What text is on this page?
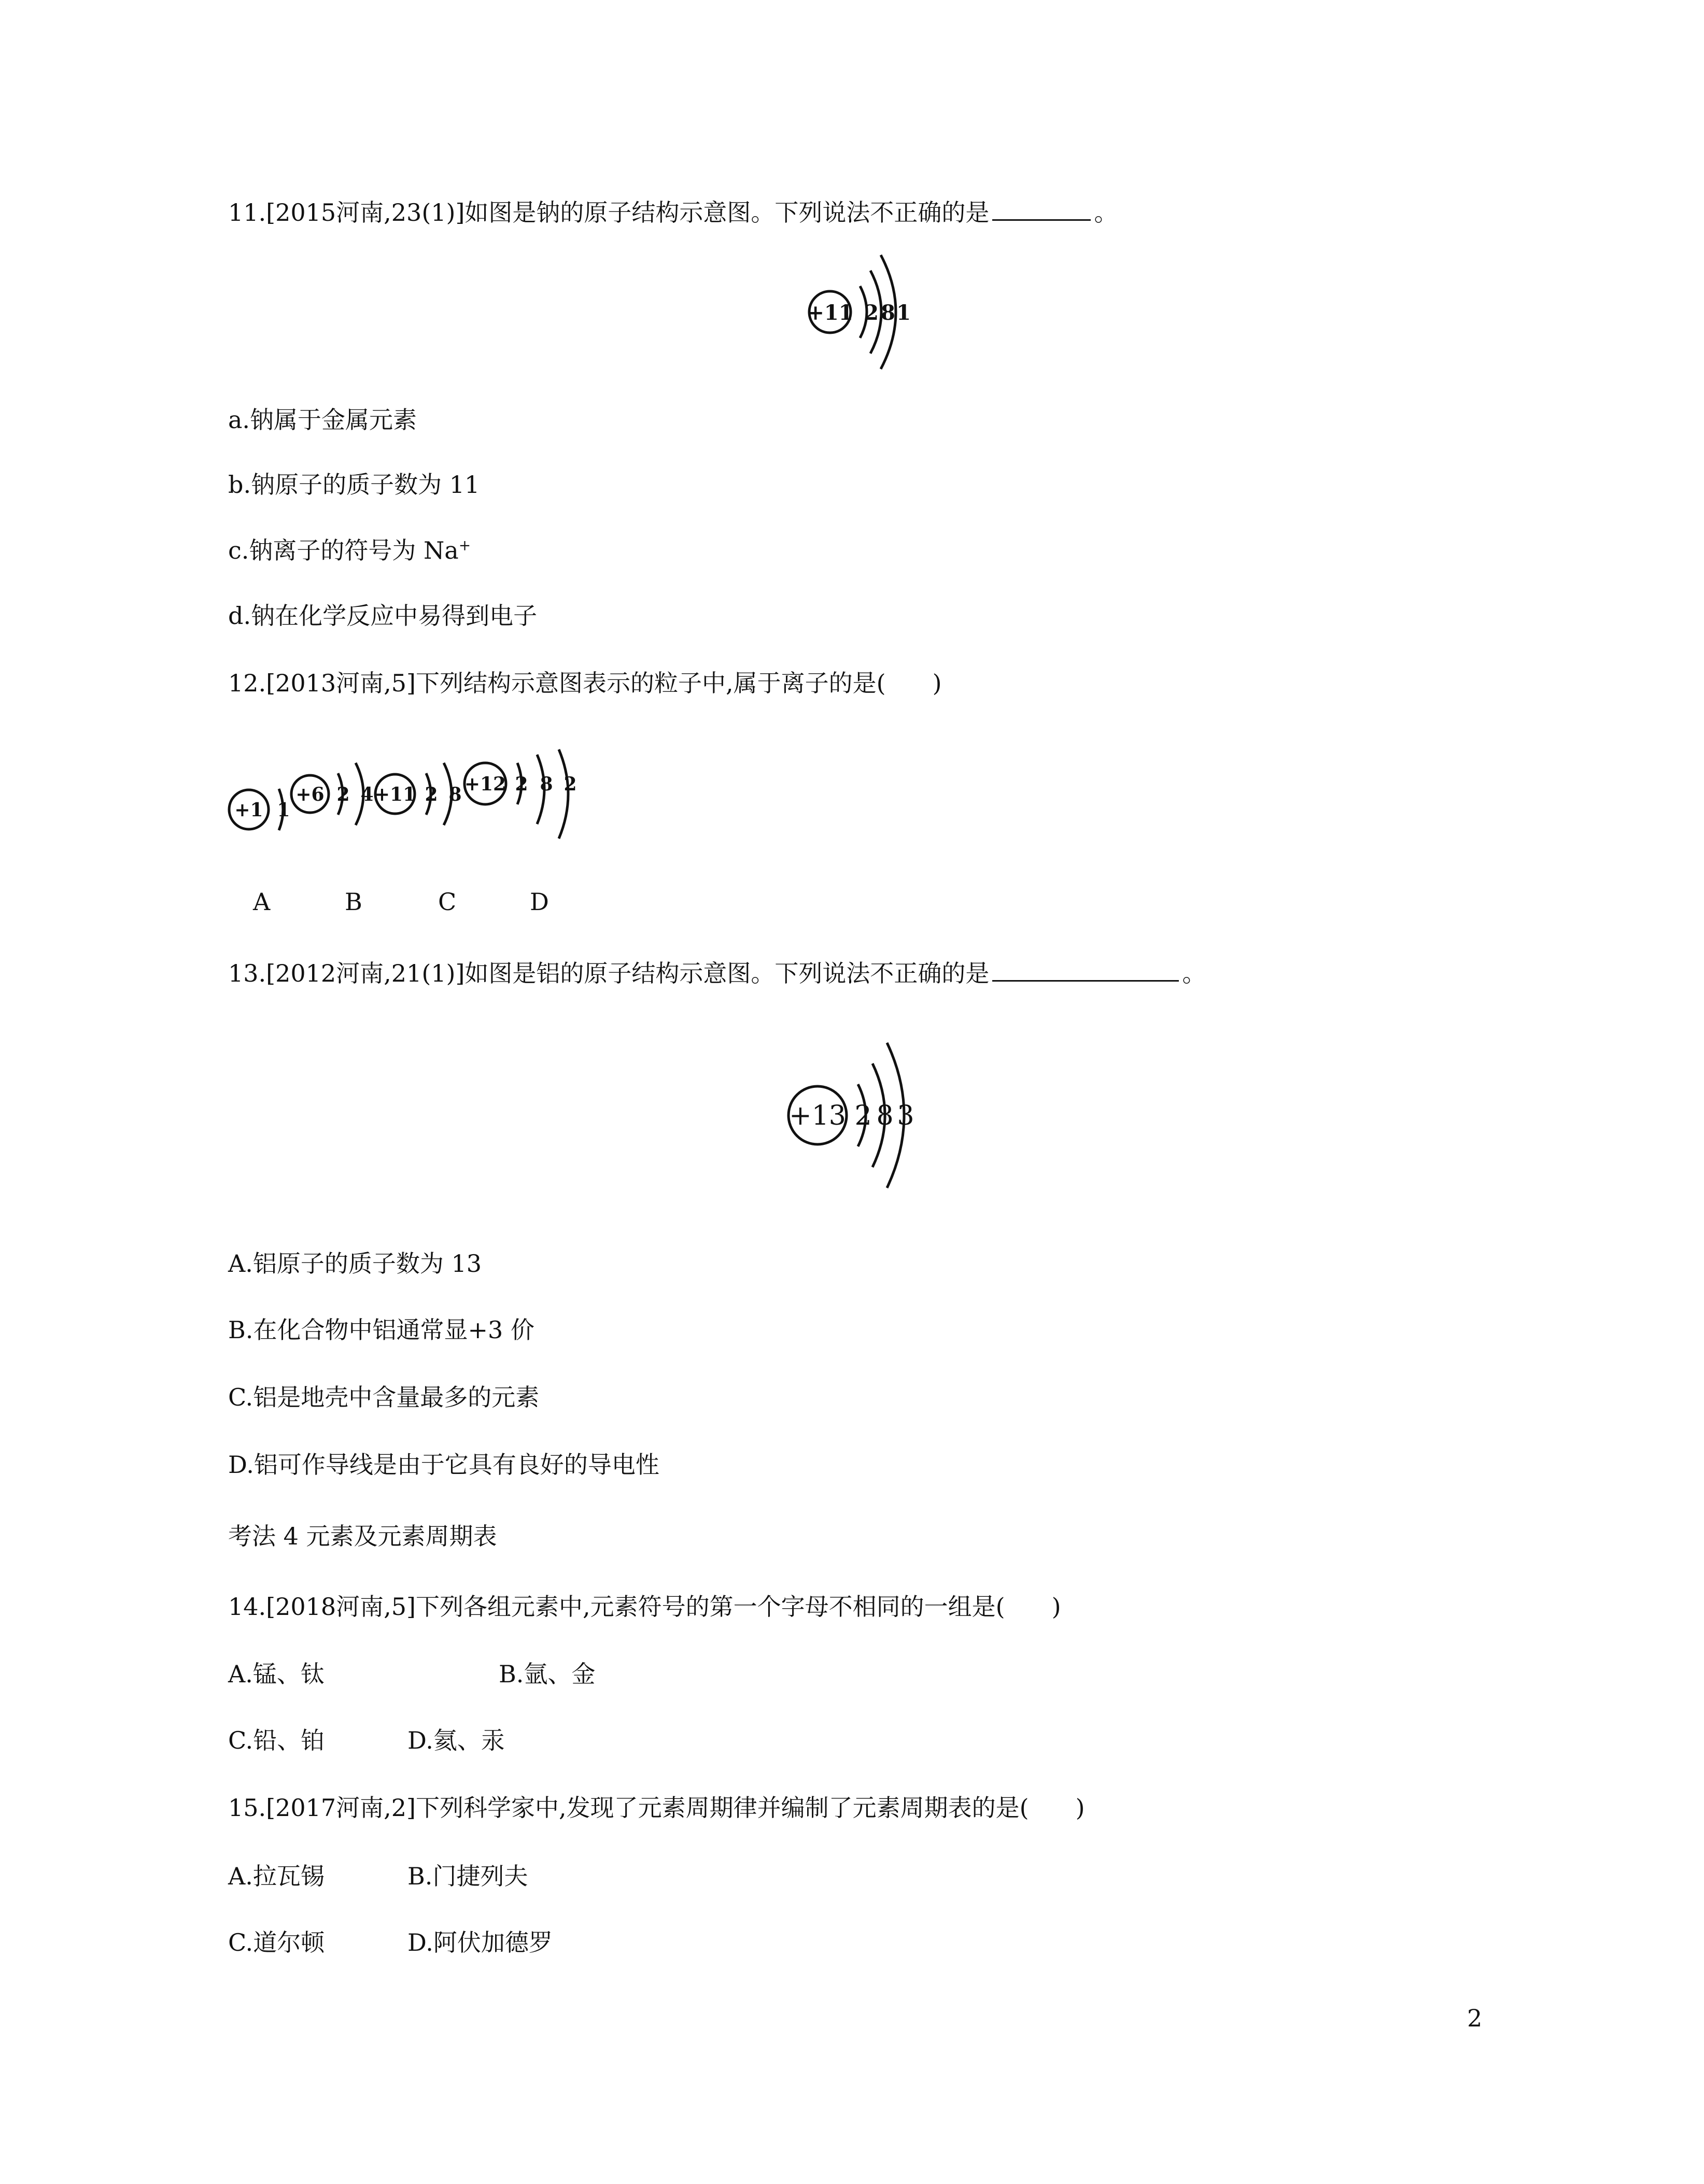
11.[2015河南,23(1)]如图是钠的原子结构示意图。下列说法不正确的是	。
+11 2 8 1
a.钠属于金属元素
b.钠原子的质子数为 11
c.钠离子的符号为 Na+
d.钠在化学反应中易得到电子
12.[2013河南,5]下列结构示意图表示的粒子中,属于离子的是( )
+1 1
+6 2 4 +11 2 8 +12 2 8 2
A	B	C	D
13.[2012河南,21(1)]如图是铝的原子结构示意图。下列说法不正确的是	。
+13 2 8 3
A.铝原子的质子数为 13
B.在化合物中铝通常显+3 价
C.铝是地壳中含量最多的元素
D.铝可作导线是由于它具有良好的导电性
考法 4 元素及元素周期表
14.[2018河南,5]下列各组元素中,元素符号的第一个字母不相同的一组是( )
A.锰、钛	B.氩、金
C.铅、铂	D.氦、汞
15.[2017河南,2]下列科学家中,发现了元素周期律并编制了元素周期表的是( )
A.拉瓦锡	B.门捷列夫
C.道尔顿	D.阿伏加德罗
2
